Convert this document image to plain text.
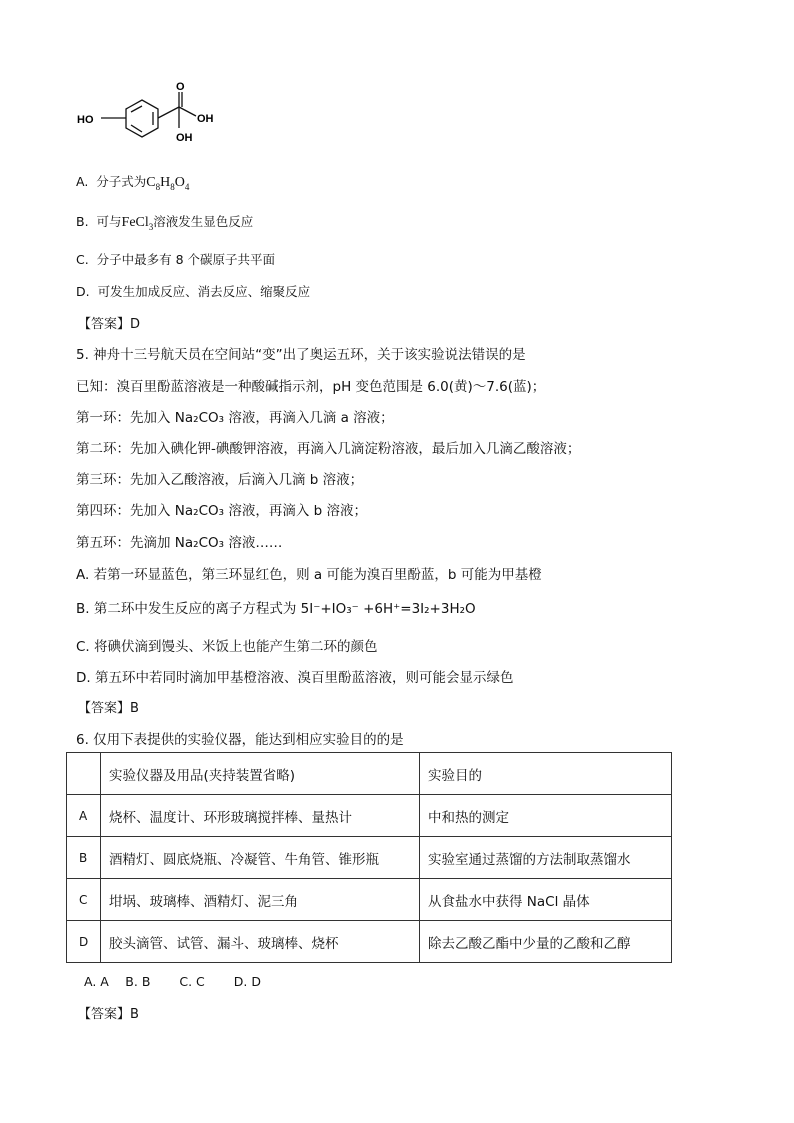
O
HO	OH
OH
A. 分子式为$C_8H_8O_4$
B. 可与FeCl$_3$溶液发生显色反应
C. 分子中最多有 8 个碳原子共平面
D. 可发生加成反应、消去反应、缩聚反应
【答案】D
5. 神舟十三号航天员在空间站“变”出了奥运五环，关于该实验说法错误的是
已知：溴百里酚蓝溶液是一种酸碱指示剂，pH 变色范围是 6.0(黄)～7.6(蓝)；
第一环：先加入 Na₂CO₃ 溶液，再滴入几滴 a 溶液；
第二环：先加入碘化钾-碘酸钾溶液，再滴入几滴淀粉溶液，最后加入几滴乙酸溶液；
第三环：先加入乙酸溶液，后滴入几滴 b 溶液；
第四环：先加入 Na₂CO₃ 溶液，再滴入 b 溶液；
第五环：先滴加 Na₂CO₃ 溶液……
A. 若第一环显蓝色，第三环显红色，则 a 可能为溴百里酚蓝，b 可能为甲基橙
B. 第二环中发生反应的离子方程式为 5I⁻+IO₃⁻ +6H⁺=3I₂+3H₂O
C. 将碘伏滴到馒头、米饭上也能产生第二环的颜色
D. 第五环中若同时滴加甲基橙溶液、溴百里酚蓝溶液，则可能会显示绿色
【答案】B
6. 仅用下表提供的实验仪器，能达到相应实验目的的是
	实验仪器及用品(夹持装置省略)	实验目的
A	烧杯、温度计、环形玻璃搅拌棒、量热计	中和热的测定
B	酒精灯、圆底烧瓶、冷凝管、牛角管、锥形瓶	实验室通过蒸馏的方法制取蒸馏水
C	坩埚、玻璃棒、酒精灯、泥三角	从食盐水中获得 NaCl 晶体
D	胶头滴管、试管、漏斗、玻璃棒、烧杯	除去乙酸乙酯中少量的乙酸和乙醇
A. A　 B. B　 　C. C　 　D. D
【答案】B
